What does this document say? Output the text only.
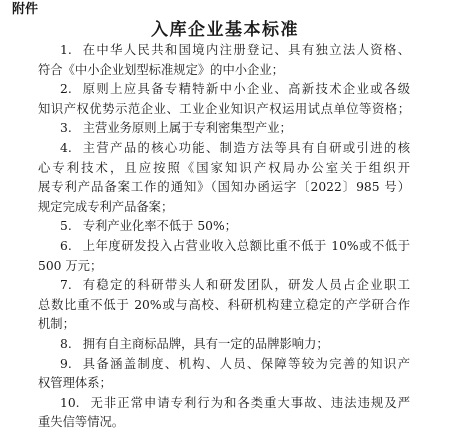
附件
入库企业基本标准
1. 在中华人民共和国境内注册登记、具有独立法人资格、
符合《中小企业划型标准规定》的中小企业；
2. 原则上应具备专精特新中小企业、高新技术企业或各级
知识产权优势示范企业、工业企业知识产权运用试点单位等资格；
3. 主营业务原则上属于专利密集型产业；
4. 主营产品的核心功能、制造方法等具有自研或引进的核
心专利技术，且应按照《国家知识产权局办公室关于组织开
展专利产品备案工作的通知》（国知办函运字〔2022〕985 号）
规定完成专利产品备案；
5. 专利产业化率不低于 50%；
6. 上年度研发投入占营业收入总额比重不低于 10%或不低于
500 万元；
7. 有稳定的科研带头人和研发团队，研发人员占企业职工
总数比重不低于 20%或与高校、科研机构建立稳定的产学研合作
机制；
8. 拥有自主商标品牌，具有一定的品牌影响力；
9. 具备涵盖制度、机构、人员、保障等较为完善的知识产
权管理体系；
10. 无非正常申请专利行为和各类重大事故、违法违规及严
重失信等情况。
